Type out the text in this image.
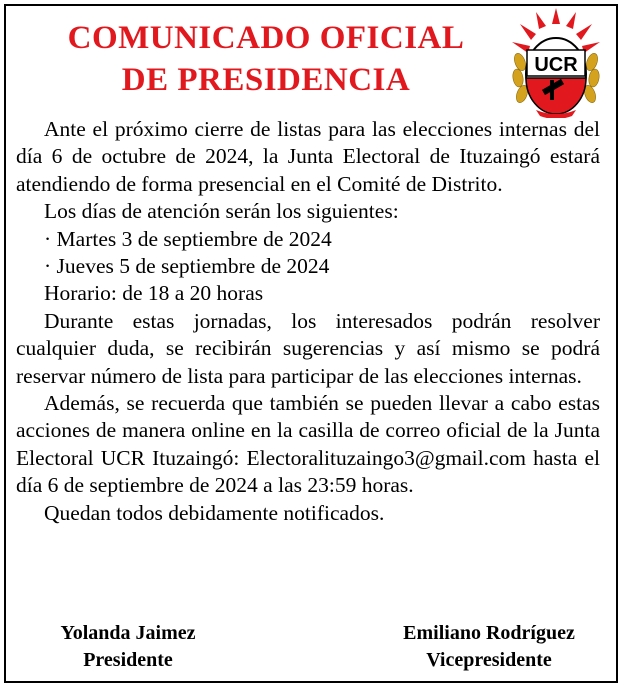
COMUNICADO OFICIAL
DE PRESIDENCIA	UCR

Ante el próximo cierre de listas para las elecciones internas del día 6 de octubre de 2024, la Junta Electoral de Ituzaingó estará atendiendo de forma presencial en el Comité de Distrito.

Los días de atención serán los siguientes:

· Martes 3 de septiembre de 2024

· Jueves 5 de septiembre de 2024

Horario: de 18 a 20 horas

Durante estas jornadas, los interesados podrán resolver cualquier duda, se recibirán sugerencias y así mismo se podrá reservar número de lista para participar de las elecciones internas.

Además, se recuerda que también se pueden llevar a cabo estas acciones de manera online en la casilla de correo oficial de la Junta Electoral UCR Ituzaingó: Electoralituzaingo3@gmail.com hasta el día 6 de septiembre de 2024 a las 23:59 horas.

Quedan todos debidamente notificados.

Yolanda Jaimez
Presidente
Emiliano Rodríguez
Vicepresidente
